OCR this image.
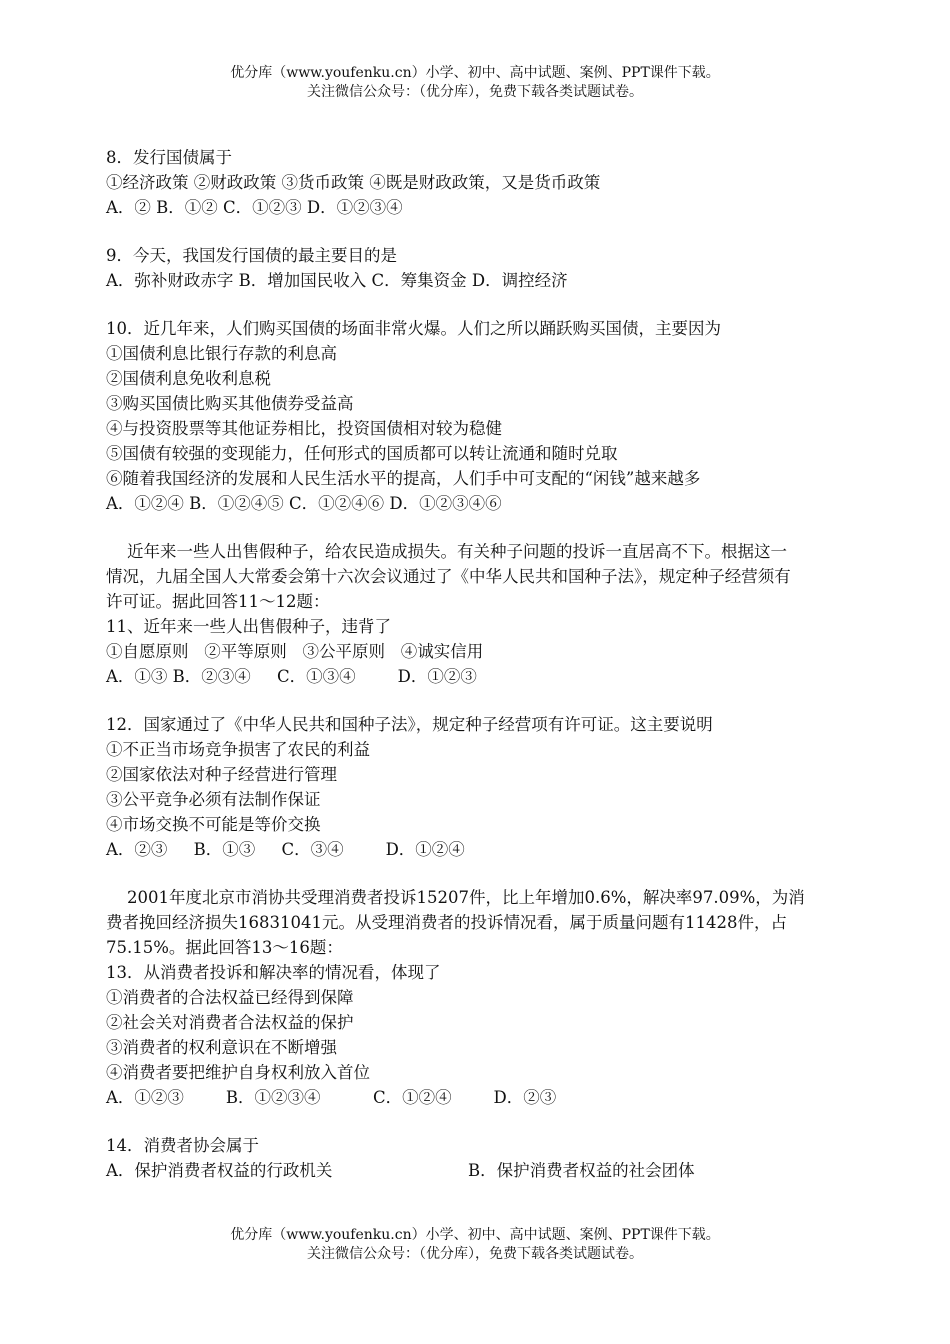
优分库（www.youfenku.cn）小学、初中、高中试题、案例、PPT课件下载。
关注微信公众号：（优分库），免费下载各类试题试卷。
8．发行国债属于
①经济政策 ②财政政策 ③货币政策 ④既是财政政策，又是货币政策
A．② B．①② C．①②③ D．①②③④
9．今天，我国发行国债的最主要目的是
A．弥补财政赤字 B．增加国民收入 C．筹集资金 D．调控经济
10．近几年来，人们购买国债的场面非常火爆。人们之所以踊跃购买国债，主要因为
①国债利息比银行存款的利息高
②国债利息免收利息税
③购买国债比购买其他债券受益高
④与投资股票等其他证券相比，投资国债相对较为稳健
⑤国债有较强的变现能力，任何形式的国质都可以转让流通和随时兑取
⑥随着我国经济的发展和人民生活水平的提高，人们手中可支配的“闲钱”越来越多
A．①②④ B．①②④⑤ C．①②④⑥ D．①②③④⑥
近年来一些人出售假种子，给农民造成损失。有关种子问题的投诉一直居高不下。根据这一
情况，九届全国人大常委会第十六次会议通过了《中华人民共和国种子法》，规定种子经营须有
许可证。据此回答11～12题：
11、近年来一些人出售假种子，违背了
①自愿原则   ②平等原则   ③公平原则   ④诚实信用
A．①③ B．②③④     C．①③④        D．①②③
12．国家通过了《中华人民共和国种子法》，规定种子经营项有许可证。这主要说明
①不正当市场竞争损害了农民的利益
②国家依法对种子经营进行管理
③公平竞争必须有法制作保证
④市场交换不可能是等价交换
A．②③     B．①③     C．③④        D．①②④
2001年度北京市消协共受理消费者投诉15207件，比上年增加0.6%，解决率97.09%，为消
费者挽回经济损失16831041元。从受理消费者的投诉情况看，属于质量问题有11428件，占
75.15%。据此回答13～16题：
13．从消费者投诉和解决率的情况看，体现了
①消费者的合法权益已经得到保障
②社会关对消费者合法权益的保护
③消费者的权利意识在不断增强
④消费者要把维护自身权利放入首位
A．①②③        B．①②③④          C．①②④        D．②③
14．消费者协会属于
A．保护消费者权益的行政机关	B．保护消费者权益的社会团体
优分库（www.youfenku.cn）小学、初中、高中试题、案例、PPT课件下载。
关注微信公众号：（优分库），免费下载各类试题试卷。
